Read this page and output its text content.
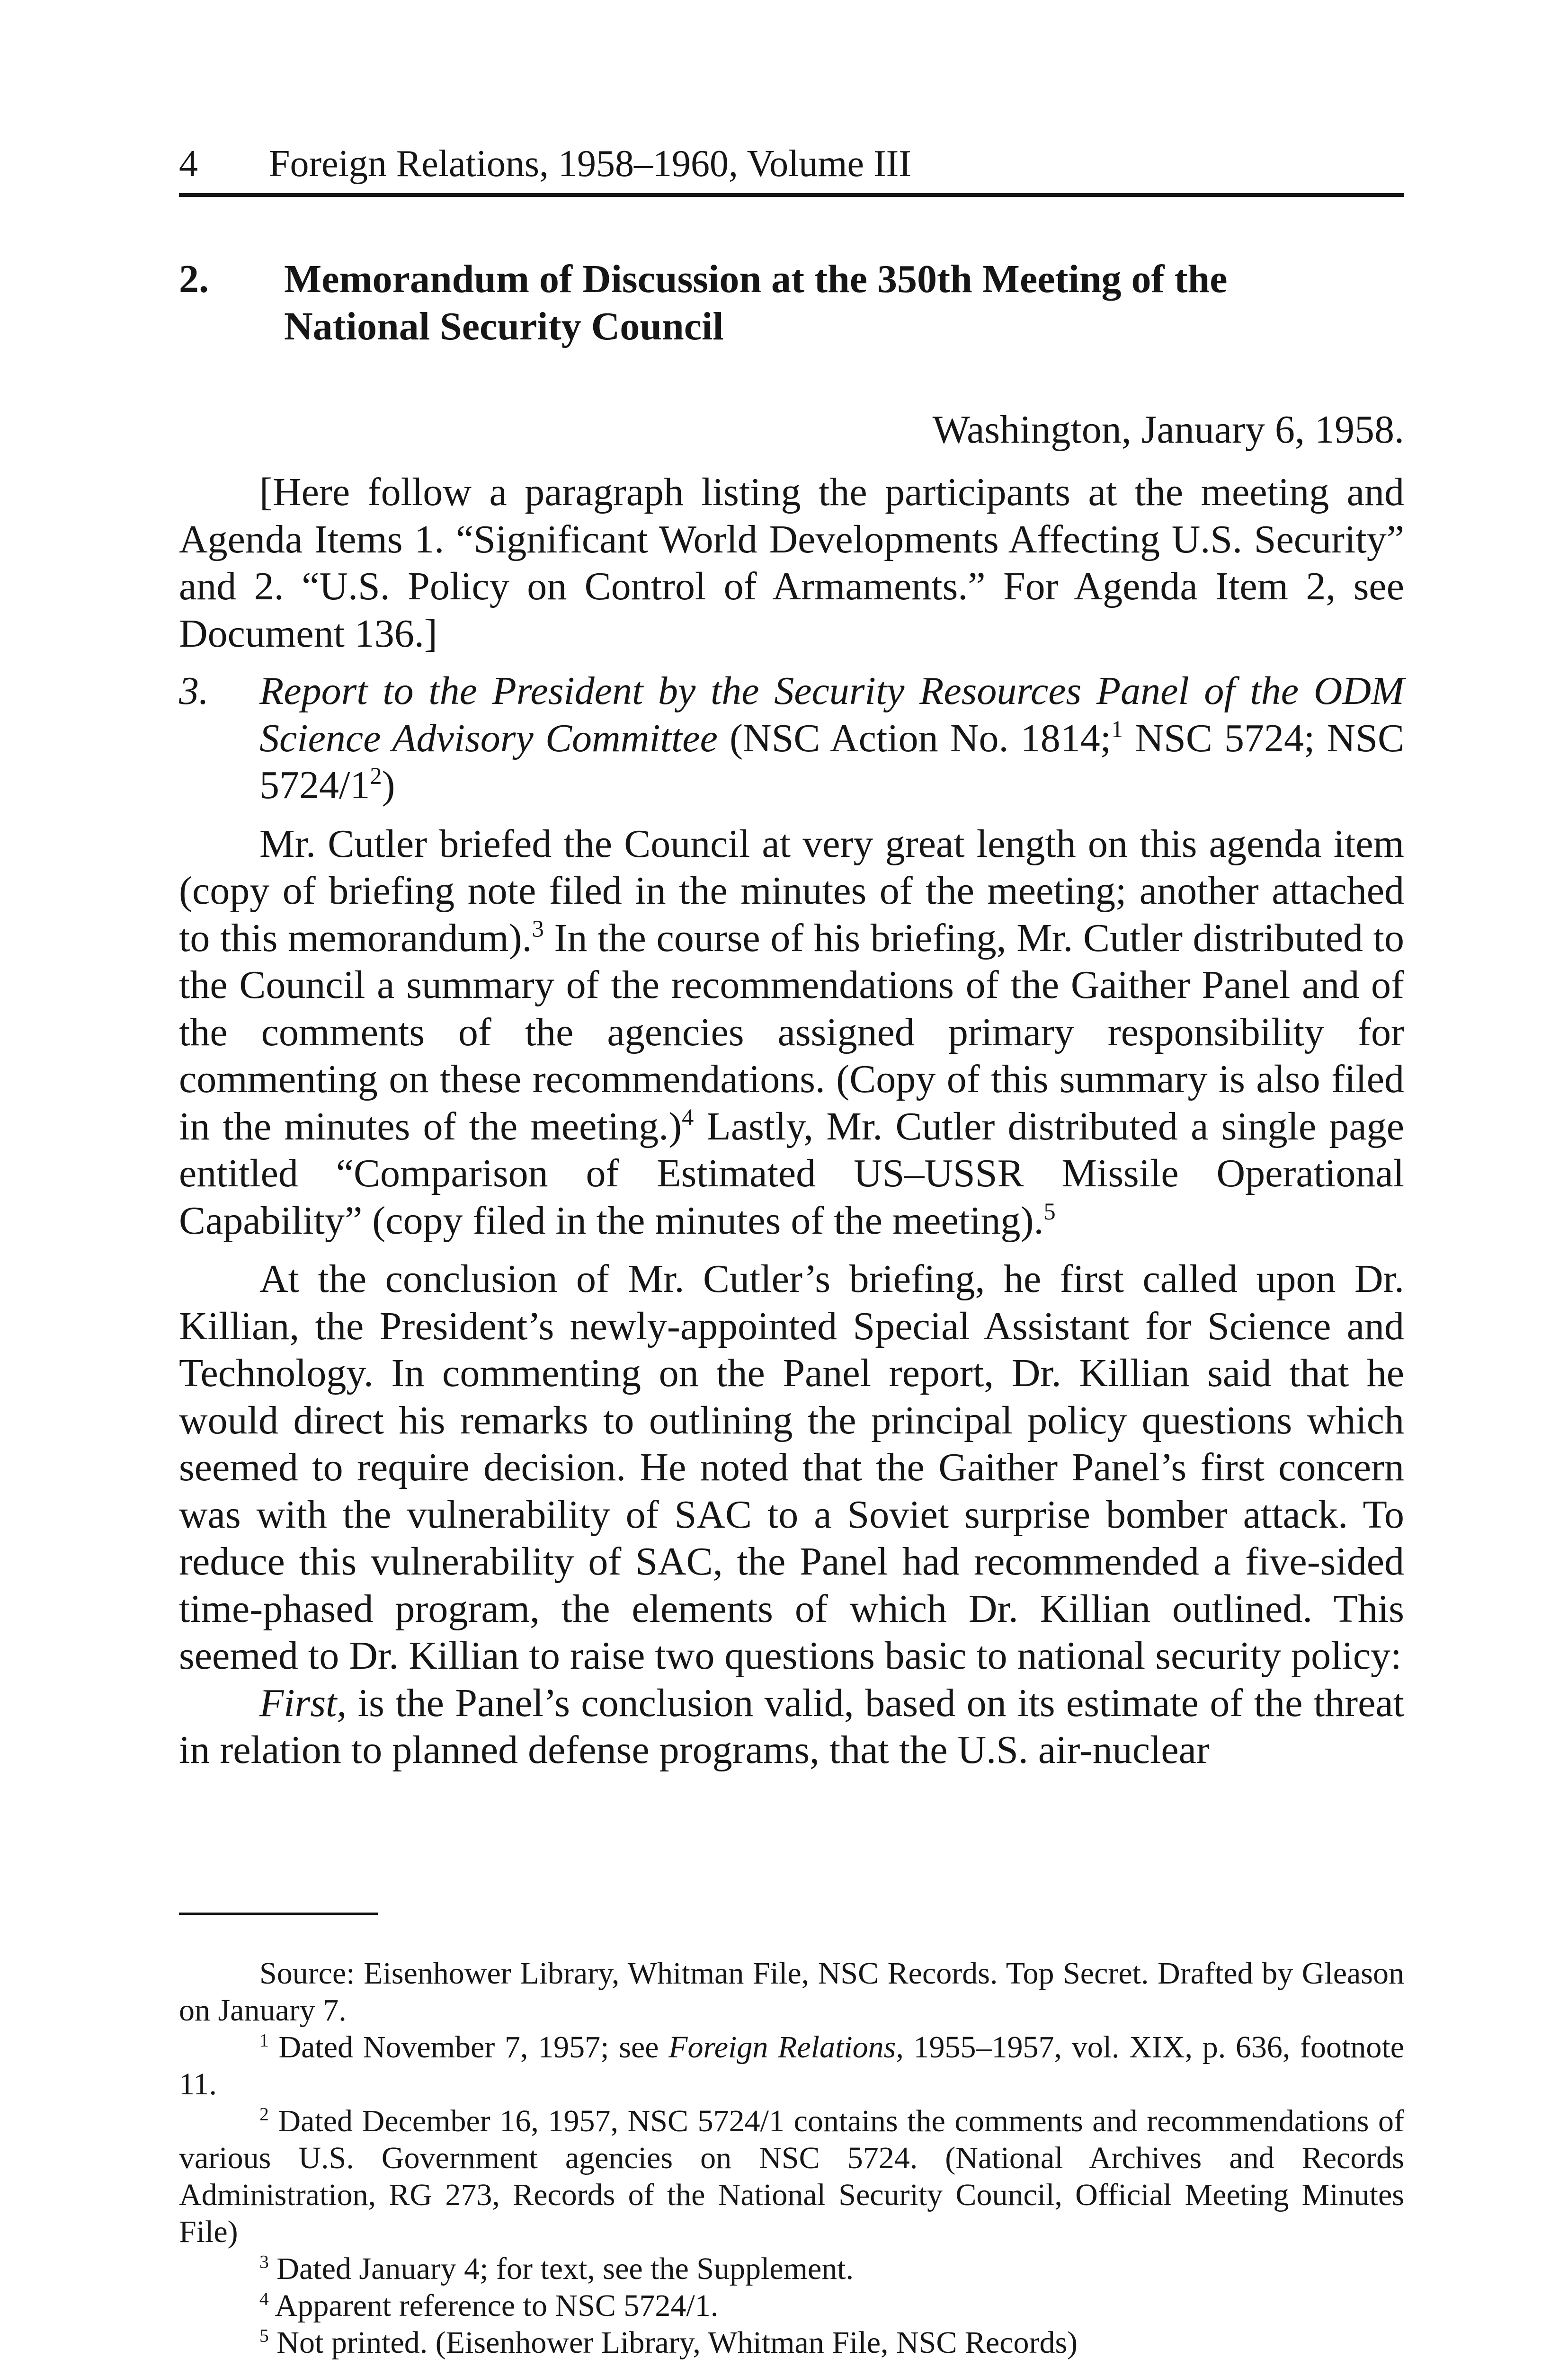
4 Foreign Relations, 1958–1960, Volume III
2. Memorandum of Discussion at the 350th Meeting of the National Security Council
Washington, January 6, 1958.

[Here follow a paragraph listing the participants at the meeting and Agenda Items 1. “Significant World Developments Affecting U.S. Security” and 2. “U.S. Policy on Control of Armaments.” For Agenda Item 2, see Document 136.]

3. Report to the President by the Security Resources Panel of the ODM Science Advisory Committee (NSC Action No. 1814;$^1$ NSC 5724; NSC $5724/1^2$)

Mr. Cutler briefed the Council at very great length on this agenda item (copy of briefing note filed in the minutes of the meeting; another attached to this memorandum).$^3$ In the course of his briefing, Mr. Cutler distributed to the Council a summary of the recommendations of the Gaither Panel and of the comments of the agencies assigned primary responsibility for commenting on these recommendations. (Copy of this summary is also filed in the minutes of the meeting.)$^4$ Lastly, Mr. Cutler distributed a single page entitled “Comparison of Estimated US–USSR Missile Operational Capability” (copy filed in the minutes of the meeting).$^5$

At the conclusion of Mr. Cutler’s briefing, he first called upon Dr. Killian, the President’s newly-appointed Special Assistant for Science and Technology. In commenting on the Panel report, Dr. Killian said that he would direct his remarks to outlining the principal policy questions which seemed to require decision. He noted that the Gaither Panel’s first concern was with the vulnerability of SAC to a Soviet surprise bomber attack. To reduce this vulnerability of SAC, the Panel had recommended a five-sided time-phased program, the elements of which Dr. Killian outlined. This seemed to Dr. Killian to raise two questions basic to national security policy:

First, is the Panel’s conclusion valid, based on its estimate of the threat in relation to planned defense programs, that the U.S. air-nuclear

Source: Eisenhower Library, Whitman File, NSC Records. Top Secret. Drafted by Gleason on January 7.

$^1$ Dated November 7, 1957; see Foreign Relations, 1955–1957, vol. XIX, p. 636, footnote 11.

$^2$ Dated December 16, 1957, NSC 5724/1 contains the comments and recommendations of various U.S. Government agencies on NSC 5724. (National Archives and Records Administration, RG 273, Records of the National Security Council, Official Meeting Minutes File)

$^3$ Dated January 4; for text, see the Supplement.

$^4$ Apparent reference to NSC 5724/1.

$^5$ Not printed. (Eisenhower Library, Whitman File, NSC Records)
